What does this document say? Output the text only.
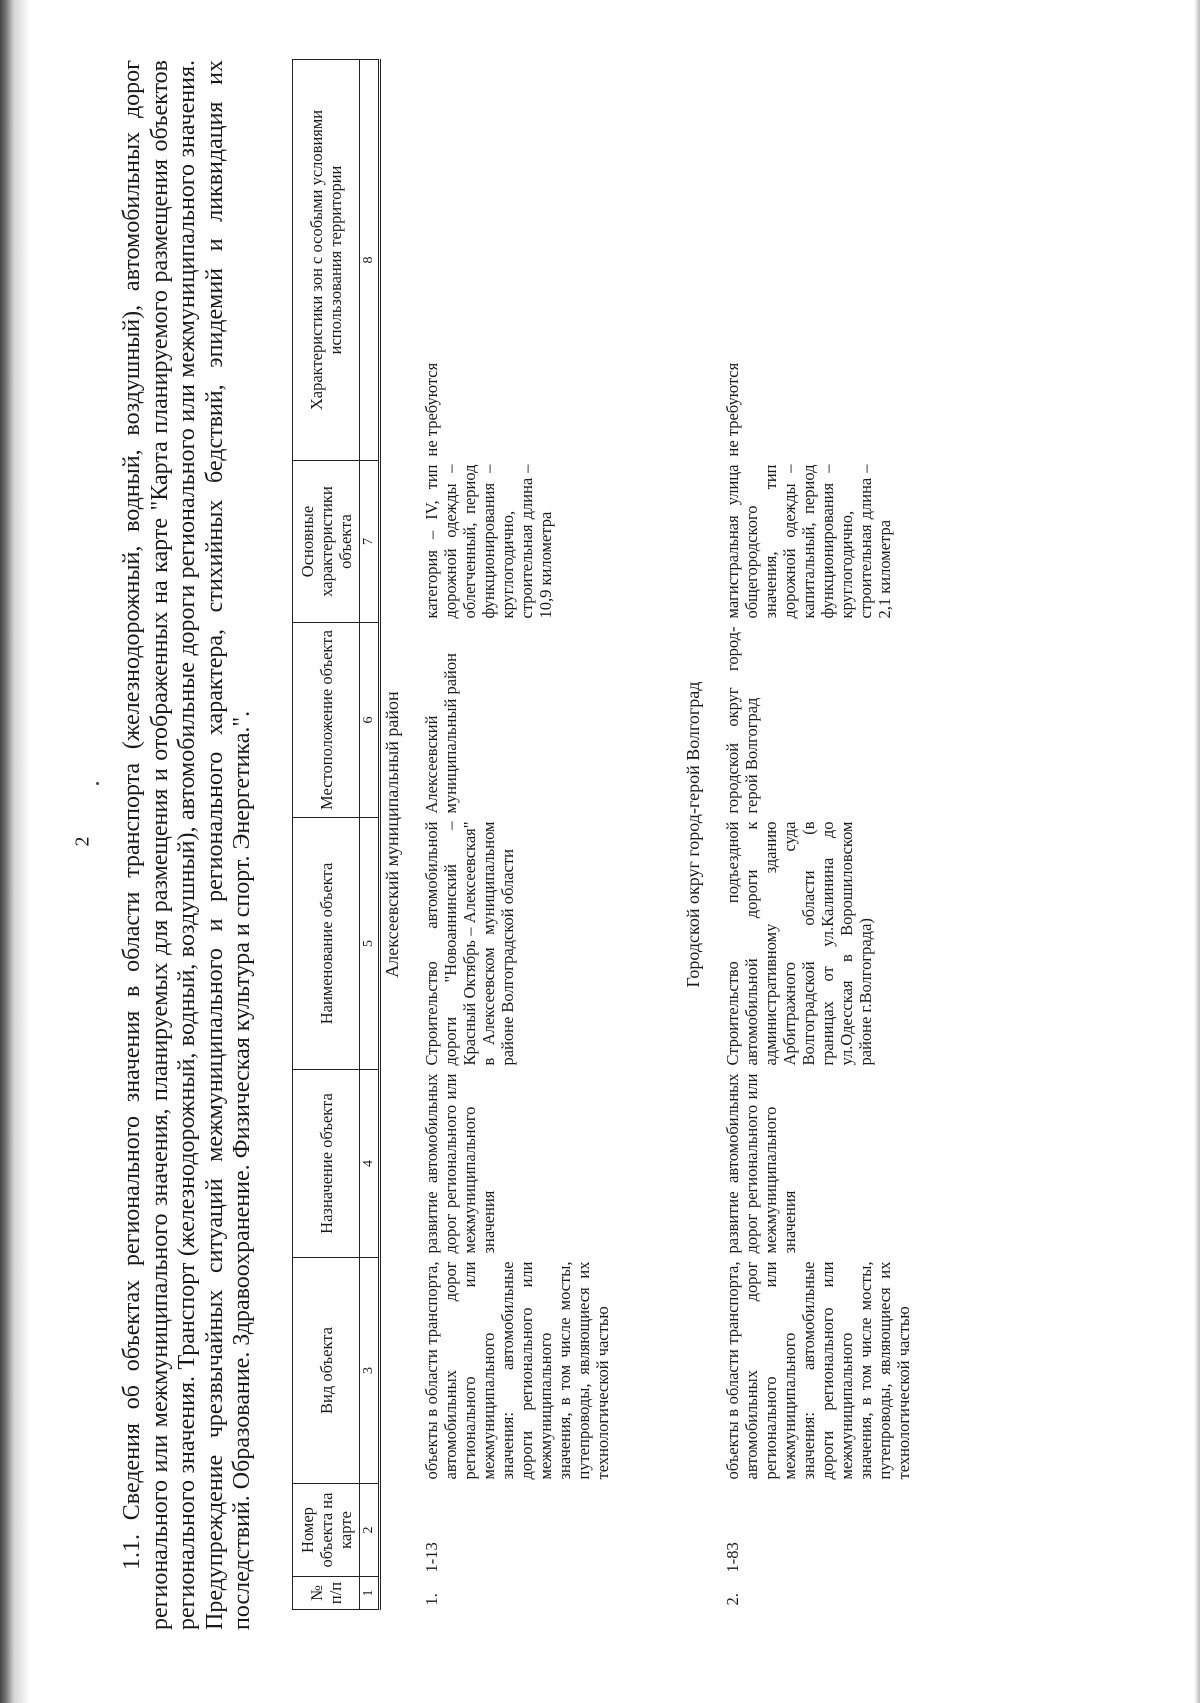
2 1.1. Сведения об объектах регионального значения в области транспорта (железнодорожный, водный, воздушный), автомобильных дорог регионального или межмуниципального значения, планируемых для размещения и отображенных на карте "Карта планируемого размещения объектов регионального значения. Транспорт (железнодорожный, водный, воздушный), автомобильные дороги регионального или межмуниципального значения. Предупреждение чрезвычайных ситуаций межмуниципального и регионального характера, стихийных бедствий, эпидемий и ликвидация их последствий. Образование. Здравоохранение. Физическая культура и спорт. Энергетика.".	№ п/п	Номер объекта на карте	Вид объекта	Назначение объекта	Наименование объекта	Местоположение объекта	Основные характеристики объекта	Характеристики зон с особыми условиями использования территории
1	2	3	4	5	6	7	8
Алексеевский муниципальный район							
1.	1-13	объекты в области транспорта, автомобильных дорог регионального или межмуниципального значения: автомобильные дороги регионального или межмуниципального значения, в том числе мосты, путепроводы, являющиеся их технологической частью	развитие автомобильных дорог регионального или межмуниципального значения	Строительство автомобильной дороги "Новоаннинский – Красный Октябрь – Алексеевская" в Алексеевском муниципальном районе Волгоградской области	Алексеевский муниципальный район	категория – IV, тип дорожной одежды – облегченный, период функционирования – круглогодично, строительная длина – 10,9 километра	не требуются
Городской округ город-герой Волгоград							
2.	1-83	объекты в области транспорта, автомобильных дорог регионального или межмуниципального значения: автомобильные дороги регионального или межмуниципального значения, в том числе мосты, путепроводы, являющиеся их технологической частью	развитие автомобильных дорог регионального или межмуниципального значения	Строительство подъездной автомобильной дороги к административному зданию Арбитражного суда Волгоградской области (в границах от ул.Калинина до ул.Одесская в Ворошиловском районе г.Волгограда)	городской округ город-герой Волгоград	магистральная улица общегородского значения, тип дорожной одежды – капитальный, период функционирования – круглогодично, строительная длина – 2,1 километра	не требуются
